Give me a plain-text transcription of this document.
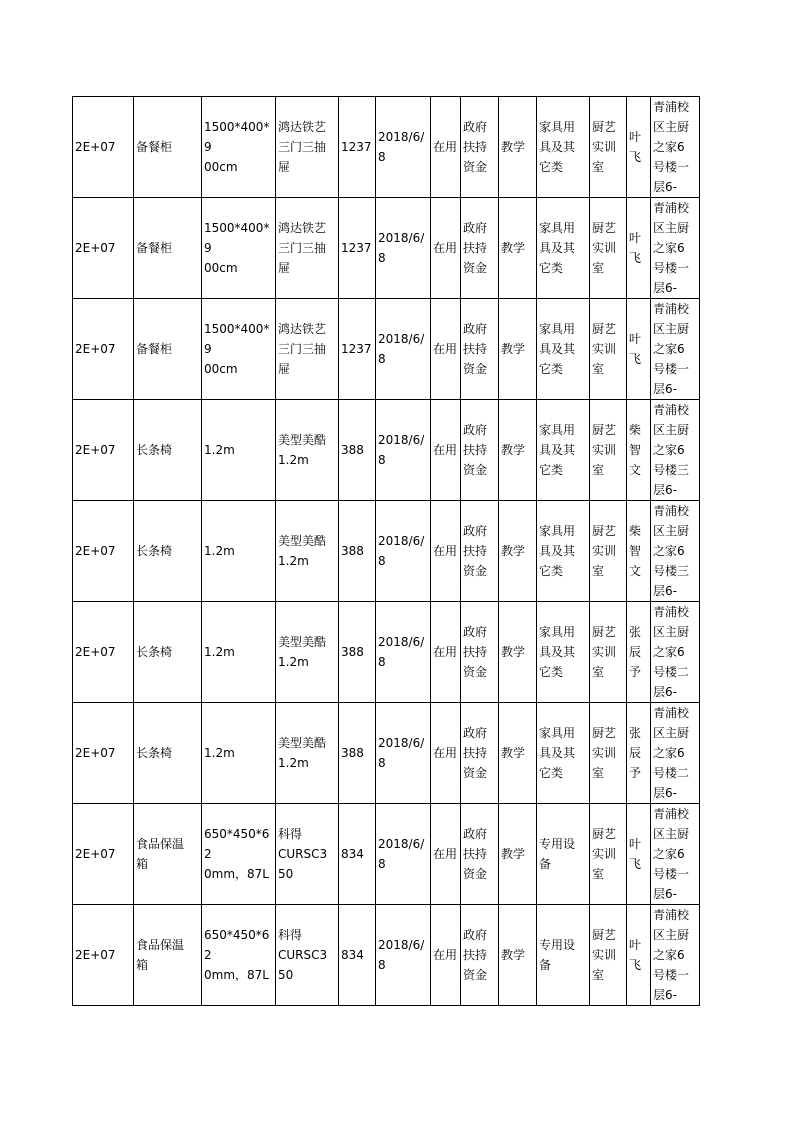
2E+07	备餐柜	1500*400*9
00cm	鸿达铁艺
三门三抽
屉	1237	2018/6/
8	在用	政府
扶持
资金	教学	家具用
具及其
它类	厨艺
实训
室	叶
飞	青浦校
区主厨
之家6
号楼一
层6-
2E+07	备餐柜	1500*400*9
00cm	鸿达铁艺
三门三抽
屉	1237	2018/6/
8	在用	政府
扶持
资金	教学	家具用
具及其
它类	厨艺
实训
室	叶
飞	青浦校
区主厨
之家6
号楼一
层6-
2E+07	备餐柜	1500*400*9
00cm	鸿达铁艺
三门三抽
屉	1237	2018/6/
8	在用	政府
扶持
资金	教学	家具用
具及其
它类	厨艺
实训
室	叶
飞	青浦校
区主厨
之家6
号楼一
层6-
2E+07	长条椅	1.2m	美型美酷
1.2m	388	2018/6/
8	在用	政府
扶持
资金	教学	家具用
具及其
它类	厨艺
实训
室	柴
智
文	青浦校
区主厨
之家6
号楼三
层6-
2E+07	长条椅	1.2m	美型美酷
1.2m	388	2018/6/
8	在用	政府
扶持
资金	教学	家具用
具及其
它类	厨艺
实训
室	柴
智
文	青浦校
区主厨
之家6
号楼三
层6-
2E+07	长条椅	1.2m	美型美酷
1.2m	388	2018/6/
8	在用	政府
扶持
资金	教学	家具用
具及其
它类	厨艺
实训
室	张
辰
予	青浦校
区主厨
之家6
号楼二
层6-
2E+07	长条椅	1.2m	美型美酷
1.2m	388	2018/6/
8	在用	政府
扶持
资金	教学	家具用
具及其
它类	厨艺
实训
室	张
辰
予	青浦校
区主厨
之家6
号楼二
层6-
2E+07	食品保温
箱	650*450*62
0mm，87L	科得
CURSC3
50	834	2018/6/
8	在用	政府
扶持
资金	教学	专用设
备	厨艺
实训
室	叶
飞	青浦校
区主厨
之家6
号楼一
层6-
2E+07	食品保温
箱	650*450*62
0mm，87L	科得
CURSC3
50	834	2018/6/
8	在用	政府
扶持
资金	教学	专用设
备	厨艺
实训
室	叶
飞	青浦校
区主厨
之家6
号楼一
层6-
